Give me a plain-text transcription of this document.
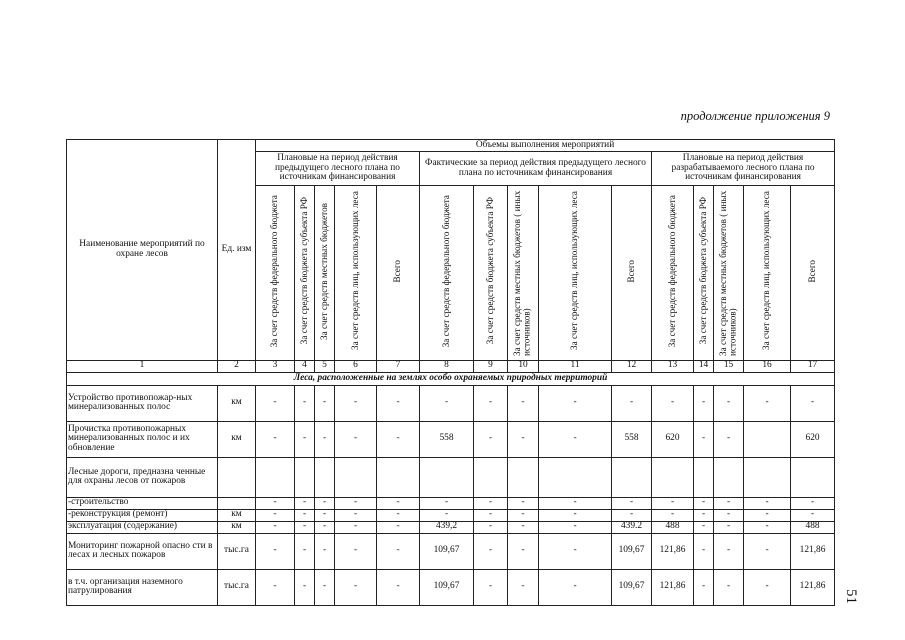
продолжение приложения 9
Наименование мероприятий по охране лесов	Ед. изм	Объемы выполнения мероприятий														
		Плановые на период действия предыдущего лесного плана по источникам финансирования					Фактические за период действия предыдущего лесного плана по источникам финансирования					Плановые на период действия разрабатываемого лесного плана по источникам финансирования				
		За счет средств федерального бюджета	За счет средств бюджета субъекта РФ	За счет средств местных бюджетов	За счет средств лиц, использующих леса	Всего	За счет средств федерального бюджета	За счет средств бюджета субъекта РФ	За счет средств местных бюджетов ( иных источников)	За счет средств лиц, использующих леса	Всего	За счет средств федерального бюджета	За счет средств бюджета субъекта РФ	За счет средств местных бюджетов ( иных источников)	За счет средств лиц, использующих леса	Всего
1	2	3	4	5	6	7	8	9	10	11	12	13	14	15	16	17
Леса, расположенные на землях особо охраняемых природных территорий																
Устройство противопожар-ных минерализованных полос	км	-	-	-	-	-	-	-	-	-	-	-	-	-	-	-
Прочистка противопожарных минерализованных полос и их обновление	км	-	-	-	-	-	558	-	-	-	558	620	-	-		620
Лесные дороги, предназна ченные для охраны лесов от пожаров																
-строительство		-	-	-	-	-	-	-	-	-	-	-	-	-	-	-
-реконструкция (ремонт)	км	-	-	-	-	-	-	-	-	-	-	-	-	-	-	-
эксплуатация (содержание)	км	-	-	-	-	-	439,2	-	-	-	439.2	488	-	-	-	488
Мониторинг пожарной опасно сти в лесах и лесных пожаров	тыс.га	-	-	-	-	-	109,67	-	-	-	109,67	121,86	-	-	-	121,86
в т.ч. организация наземного патрулирования	тыс.га	-	-	-	-	-	109,67	-	-	-	109,67	121,86	-	-	-	121,86
51
